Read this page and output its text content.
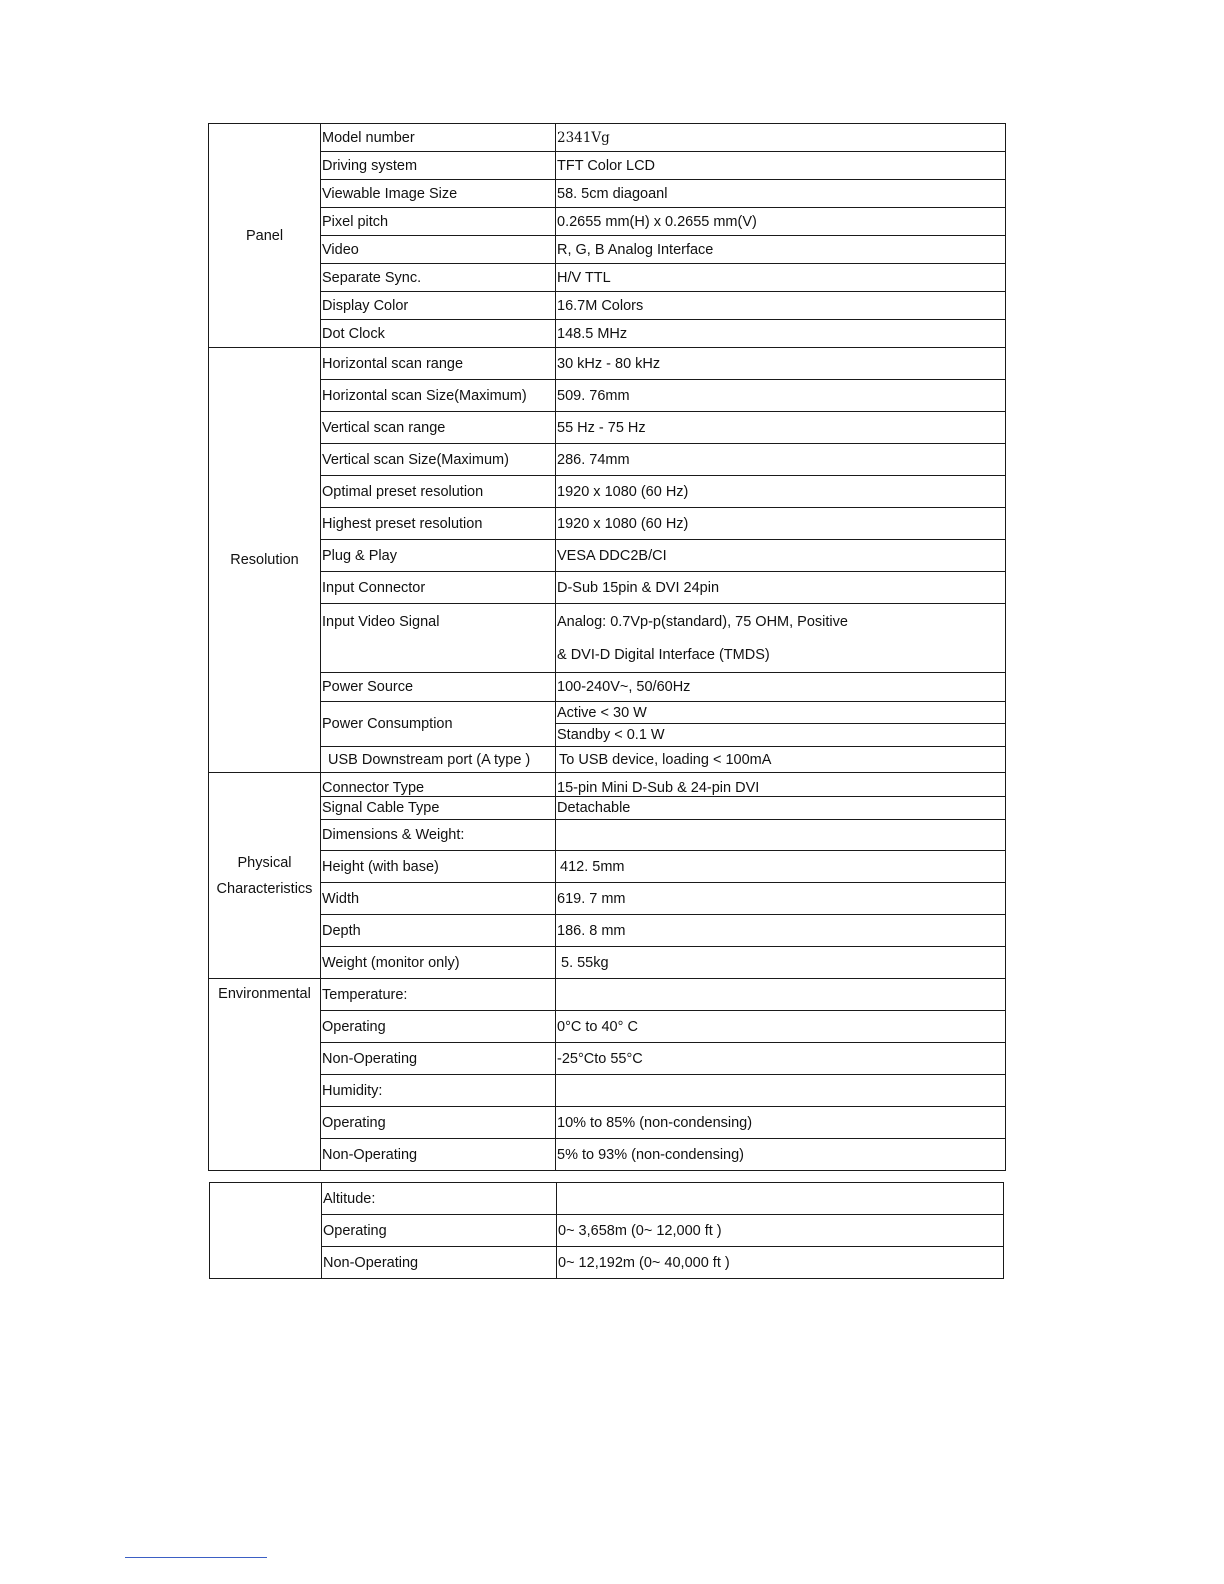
Panel	Model number	2341Vg
	Driving system	TFT Color LCD
	Viewable Image Size	58. 5cm diagoanl
	Pixel pitch	0.2655 mm(H) x 0.2655 mm(V)
	Video	R, G, B Analog Interface
	Separate Sync.	H/V TTL
	Display Color	16.7M Colors
	Dot Clock	148.5 MHz
Resolution	Horizontal scan range	30 kHz - 80 kHz
	Horizontal scan Size(Maximum)	509. 76mm
	Vertical scan range	55 Hz - 75 Hz
	Vertical scan Size(Maximum)	286. 74mm
	Optimal preset resolution	1920 x 1080 (60 Hz)
	Highest preset resolution	1920 x 1080 (60 Hz)
	Plug & Play	VESA DDC2B/CI
	Input Connector	D-Sub 15pin & DVI 24pin

	Input Video Signal	Analog: 0.7Vp-p(standard), 75 OHM, Positive
& DVI-D Digital Interface (TMDS)

	Power Source	100-240V~, 50/60Hz
	Power Consumption	Active < 30 W
		Standby < 0.1 W
	USB Downstream port (A type )	To USB device, loading < 100mA
Physical Characteristics	Connector Type	15-pin Mini D-Sub & 24-pin DVI
	Signal Cable Type	Detachable
	Dimensions & Weight:	
	Height (with base)	412. 5mm
	Width	619. 7 mm
	Depth	186. 8 mm
	Weight (monitor only)	5. 55kg
Environmental	Temperature:	
	Operating	0°C to 40° C
	Non-Operating	-25°Cto 55°C
	Humidity:	
	Operating	10% to 85% (non-condensing)
	Non-Operating	5% to 93% (non-condensing)
	Altitude:	
	Operating	0~ 3,658m (0~ 12,000 ft )
	Non-Operating	0~ 12,192m (0~ 40,000 ft )
